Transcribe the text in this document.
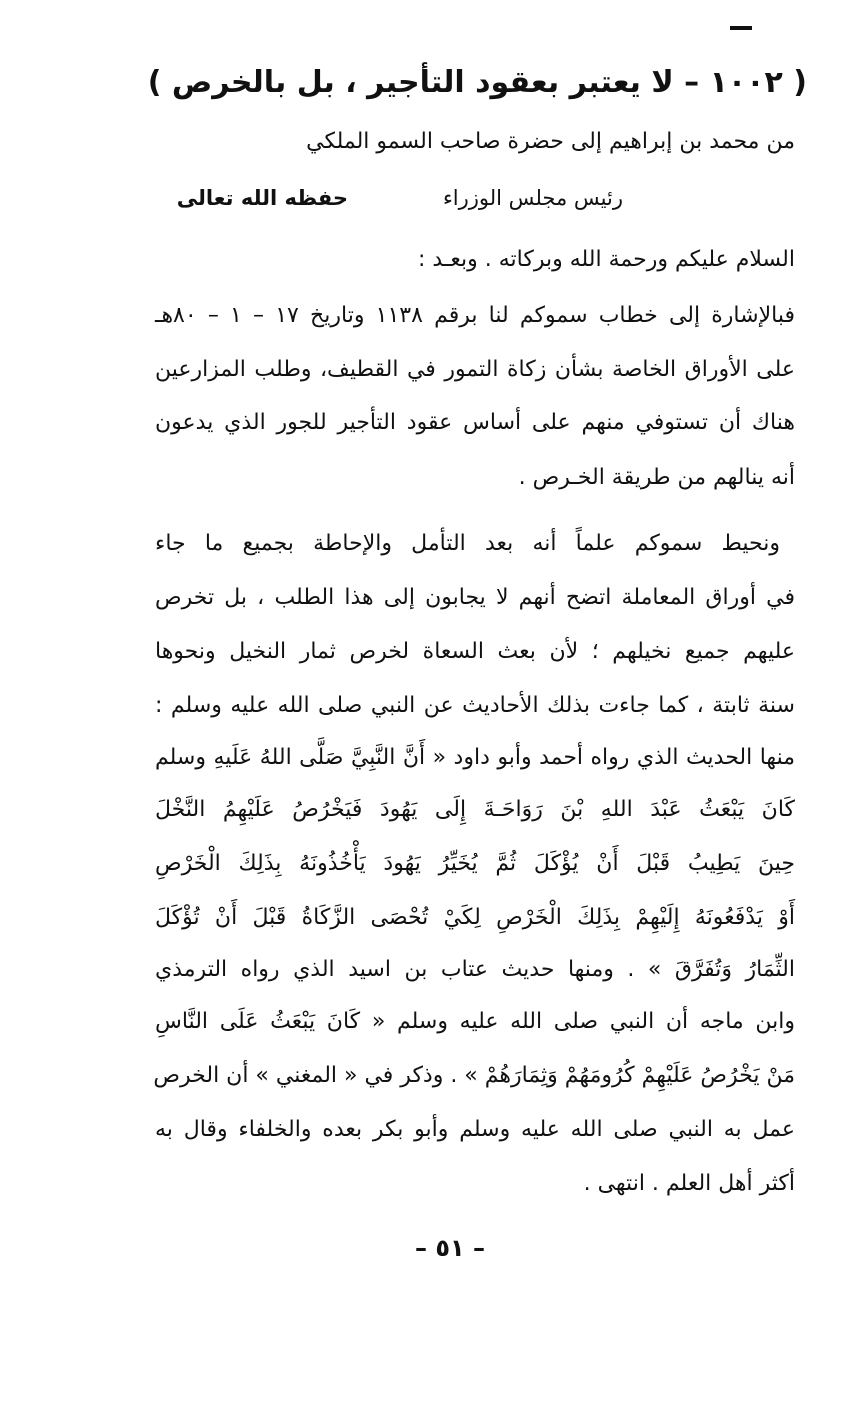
( ١٠٠٢ – لا يعتبر بعقود التأجير ، بل بالخرص )
من محمد بن إبراهيم إلى حضرة صاحب السمو الملكي
رئيس مجلس الوزراء
حفظه الله تعالى
السلام عليكم ورحمة الله وبركاته . وبعـد :
فبالإشارة إلى خطاب سموكم لنا برقم ١١٣٨ وتاريخ ١٧ – ١ – ٨٠هـ
على الأوراق الخاصة بشأن زكاة التمور في القطيف، وطلب المزارعين
هناك أن تستوفي منهم على أساس عقود التأجير للجور الذي يدعون
أنه ينالهم من طريقة الخـرص .
ونحيط سموكم علماً أنه بعد التأمل والإحاطة بجميع ما جاء
في أوراق المعاملة اتضح أنهم لا يجابون إلى هذا الطلب ، بل تخرص
عليهم جميع نخيلهم ؛ لأن بعث السعاة لخرص ثمار النخيل ونحوها
سنة ثابتة ، كما جاءت بذلك الأحاديث عن النبي صلى الله عليه وسلم :
منها الحديث الذي رواه أحمد وأبو داود « أَنَّ النَّبِيَّ صَلَّى اللهُ عَلَيهِ وسلم
كَانَ يَبْعَثُ عَبْدَ اللهِ بْنَ رَوَاحَـةَ إِلَى يَهُودَ فَيَخْرُصُ عَلَيْهِمُ النَّخْلَ
حِينَ يَطِيبُ قَبْلَ أَنْ يُؤْكَلَ ثُمَّ يُخَيِّرُ يَهُودَ يَأْخُذُونَهُ بِذَلِكَ الْخَرْصِ
أَوْ يَدْفَعُونَهُ إِلَيْهِمْ بِذَلِكَ الْخَرْصِ لِكَيْ تُحْصَى الزَّكَاةُ قَبْلَ أَنْ تُؤْكَلَ
الثِّمَارُ وَتُفَرَّقَ » . ومنها حديث عتاب بن اسيد الذي رواه الترمذي
وابن ماجه أن النبي صلى الله عليه وسلم « كَانَ يَبْعَثُ عَلَى النَّاسِ
مَنْ يَخْرُصُ عَلَيْهِمْ كُرُومَهُمْ وَثِمَارَهُمْ » . وذكر في « المغني » أن الخرص
عمل به النبي صلى الله عليه وسلم وأبو بكر بعده والخلفاء وقال به
أكثر أهل العلم . انتهى .
– ٥١ –
